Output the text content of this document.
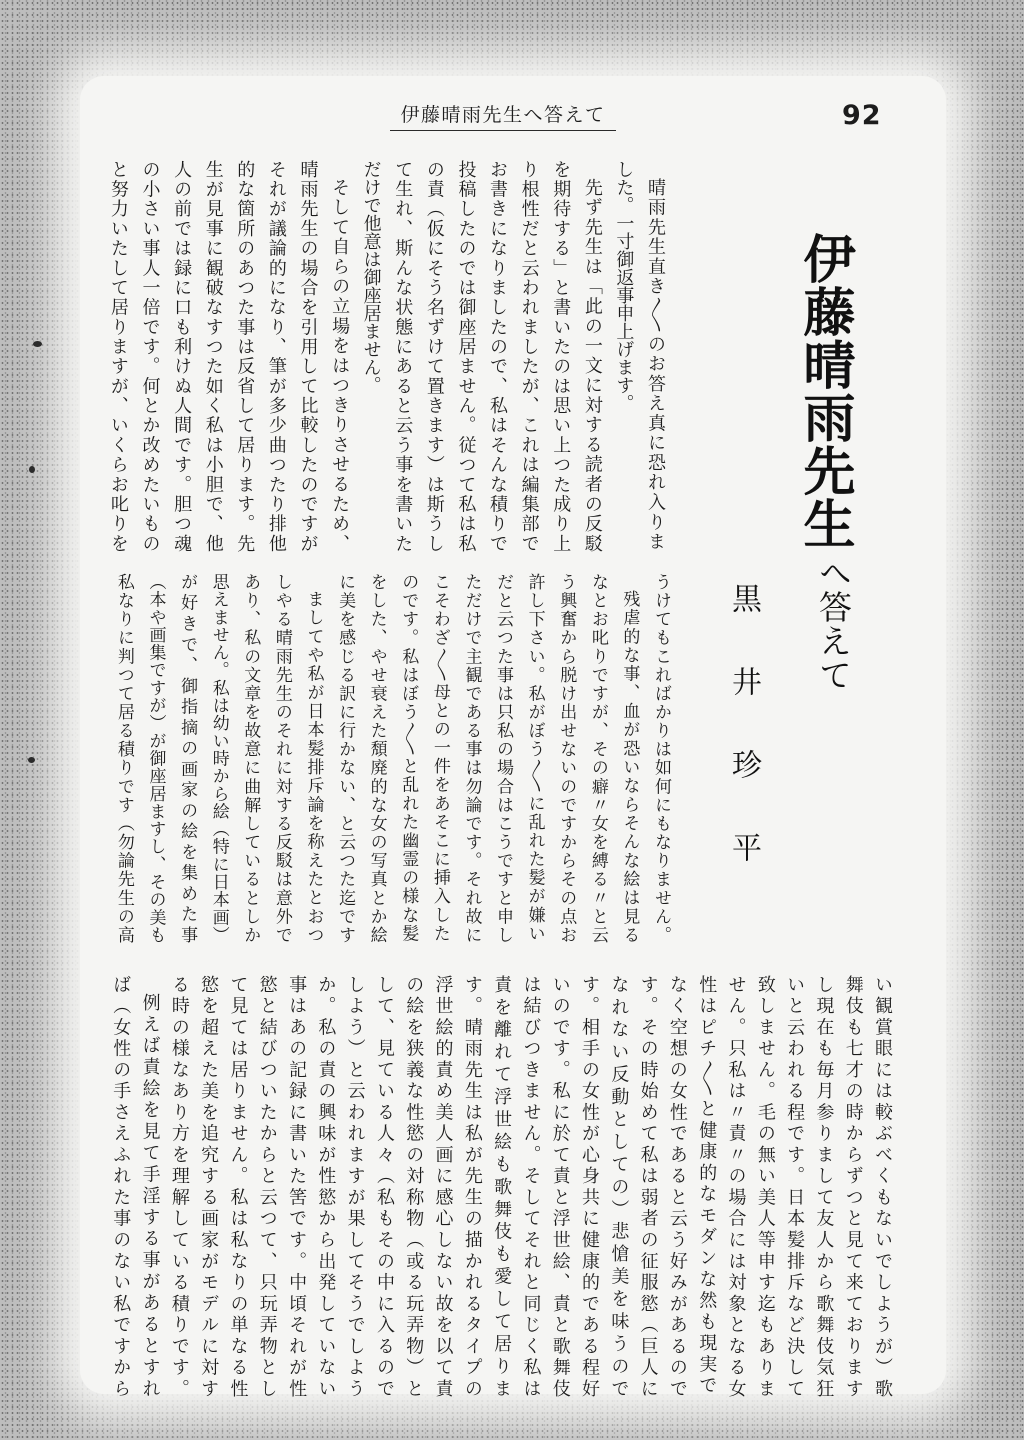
伊藤晴雨先生へ答えて	92
伊藤晴雨先生
へ答えて
黒井珍平
晴雨先生直き〳〵のお答え真に恐れ入りま
した。一寸御返事申上げます。
先ず先生は「此の一文に対する読者の反駁
を期待する」と書いたのは思い上つた成り上
り根性だと云われましたが、これは編集部で
お書きになりましたので、私はそんな積りで
投稿したのでは御座居ません。従つて私は私
の責（仮にそう名ずけて置きます）は斯うし
て生れ、斯んな状態にあると云う事を書いた
だけで他意は御座居ません。
そして自らの立場をはつきりさせるため、
晴雨先生の場合を引用して比較したのですが
それが議論的になり、筆が多少曲つたり排他
的な箇所のあつた事は反省して居ります。先
生が見事に観破なすつた如く私は小胆で、他
人の前では録に口も利けぬ人間です。胆つ魂
の小さい事人一倍です。何とか改めたいもの
と努力いたして居りますが、いくらお叱りを
うけてもこればかりは如何にもなりません。
残虐的な事、血が恐いならそんな絵は見る
なとお叱りですが、その癖〃女を縛る〃と云
う興奮から脱け出せないのですからその点お
許し下さい。私がぼう〳〵に乱れた髪が嫌い
だと云つた事は只私の場合はこうですと申し
ただけで主観である事は勿論です。それ故に
こそわざ〳〵母との一件をあそこに挿入した
のです。私はぼう〳〵と乱れた幽霊の様な髪
をした、やせ衰えた頽廃的な女の写真とか絵
に美を感じる訳に行かない、と云つた迄です
ましてや私が日本髪排斥論を称えたとおつ
しやる晴雨先生のそれに対する反駁は意外で
あり、私の文章を故意に曲解しているとしか
思えません。私は幼い時から絵（特に日本画）
が好きで、御指摘の画家の絵を集めた事
（本や画集ですが）が御座居ますし、その美も
私なりに判つて居る積りです（勿論先生の高
い観賞眼には較ぶべくもないでしようが）歌
舞伎も七才の時からずつと見て来ております
し現在も毎月参りまして友人から歌舞伎気狂
いと云われる程です。日本髪排斥など決して
致しません。毛の無い美人等申す迄もありま
せん。只私は〃責〃の場合には対象となる女
性はピチ〳〵と健康的なモダンな然も現実で
なく空想の女性であると云う好みがあるので
す。その時始めて私は弱者の征服慾（巨人に
なれない反動としての）悲愴美を味うので
す。相手の女性が心身共に健康的である程好
いのです。私に於て責と浮世絵、責と歌舞伎
は結びつきません。そしてそれと同じく私は
責を離れて浮世絵も歌舞伎も愛して居りま
す。晴雨先生は私が先生の描かれるタイプの
浮世絵的責め美人画に感心しない故を以て責
の絵を狭義な性慾の対称物（或る玩弄物）と
して、見ている人々（私もその中に入るので
しよう）と云われますが果してそうでしよう
か。私の責の興味が性慾から出発していない
事はあの記録に書いた筈です。中頃それが性
慾と結びついたからと云つて、只玩弄物とし
て見ては居りません。私は私なりの単なる性
慾を超えた美を追究する画家がモデルに対す
る時の様なあり方を理解している積りです。
例えば責絵を見て手淫する事があるとすれ
ば（女性の手さえふれた事のない私ですから
